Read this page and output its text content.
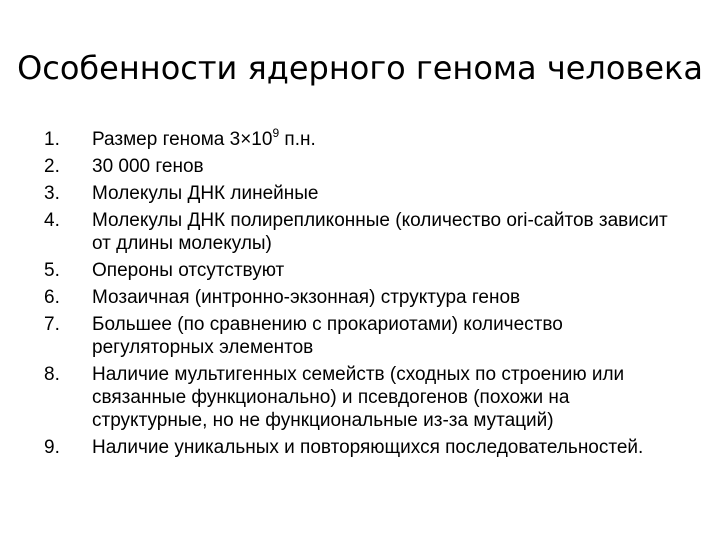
Особенности ядерного генома человека
1.	Размер генома $3\times 10^9$ п.н.
2.	30 000 генов
3.	Молекулы ДНК линейные
4.	Молекулы ДНК полирепликонные (количество ori-сайтов зависит от длины молекулы)
5.	Опероны отсутствуют
6.	Мозаичная (интронно-экзонная) структура генов
7.	Большее (по сравнению с прокариотами) количество регуляторных элементов
8.	Наличие мультигенных семейств (сходных по строению или связанные функционально) и псевдогенов (похожи на структурные, но не функциональные из-за мутаций)
9.	Наличие уникальных и повторяющихся последовательностей.
